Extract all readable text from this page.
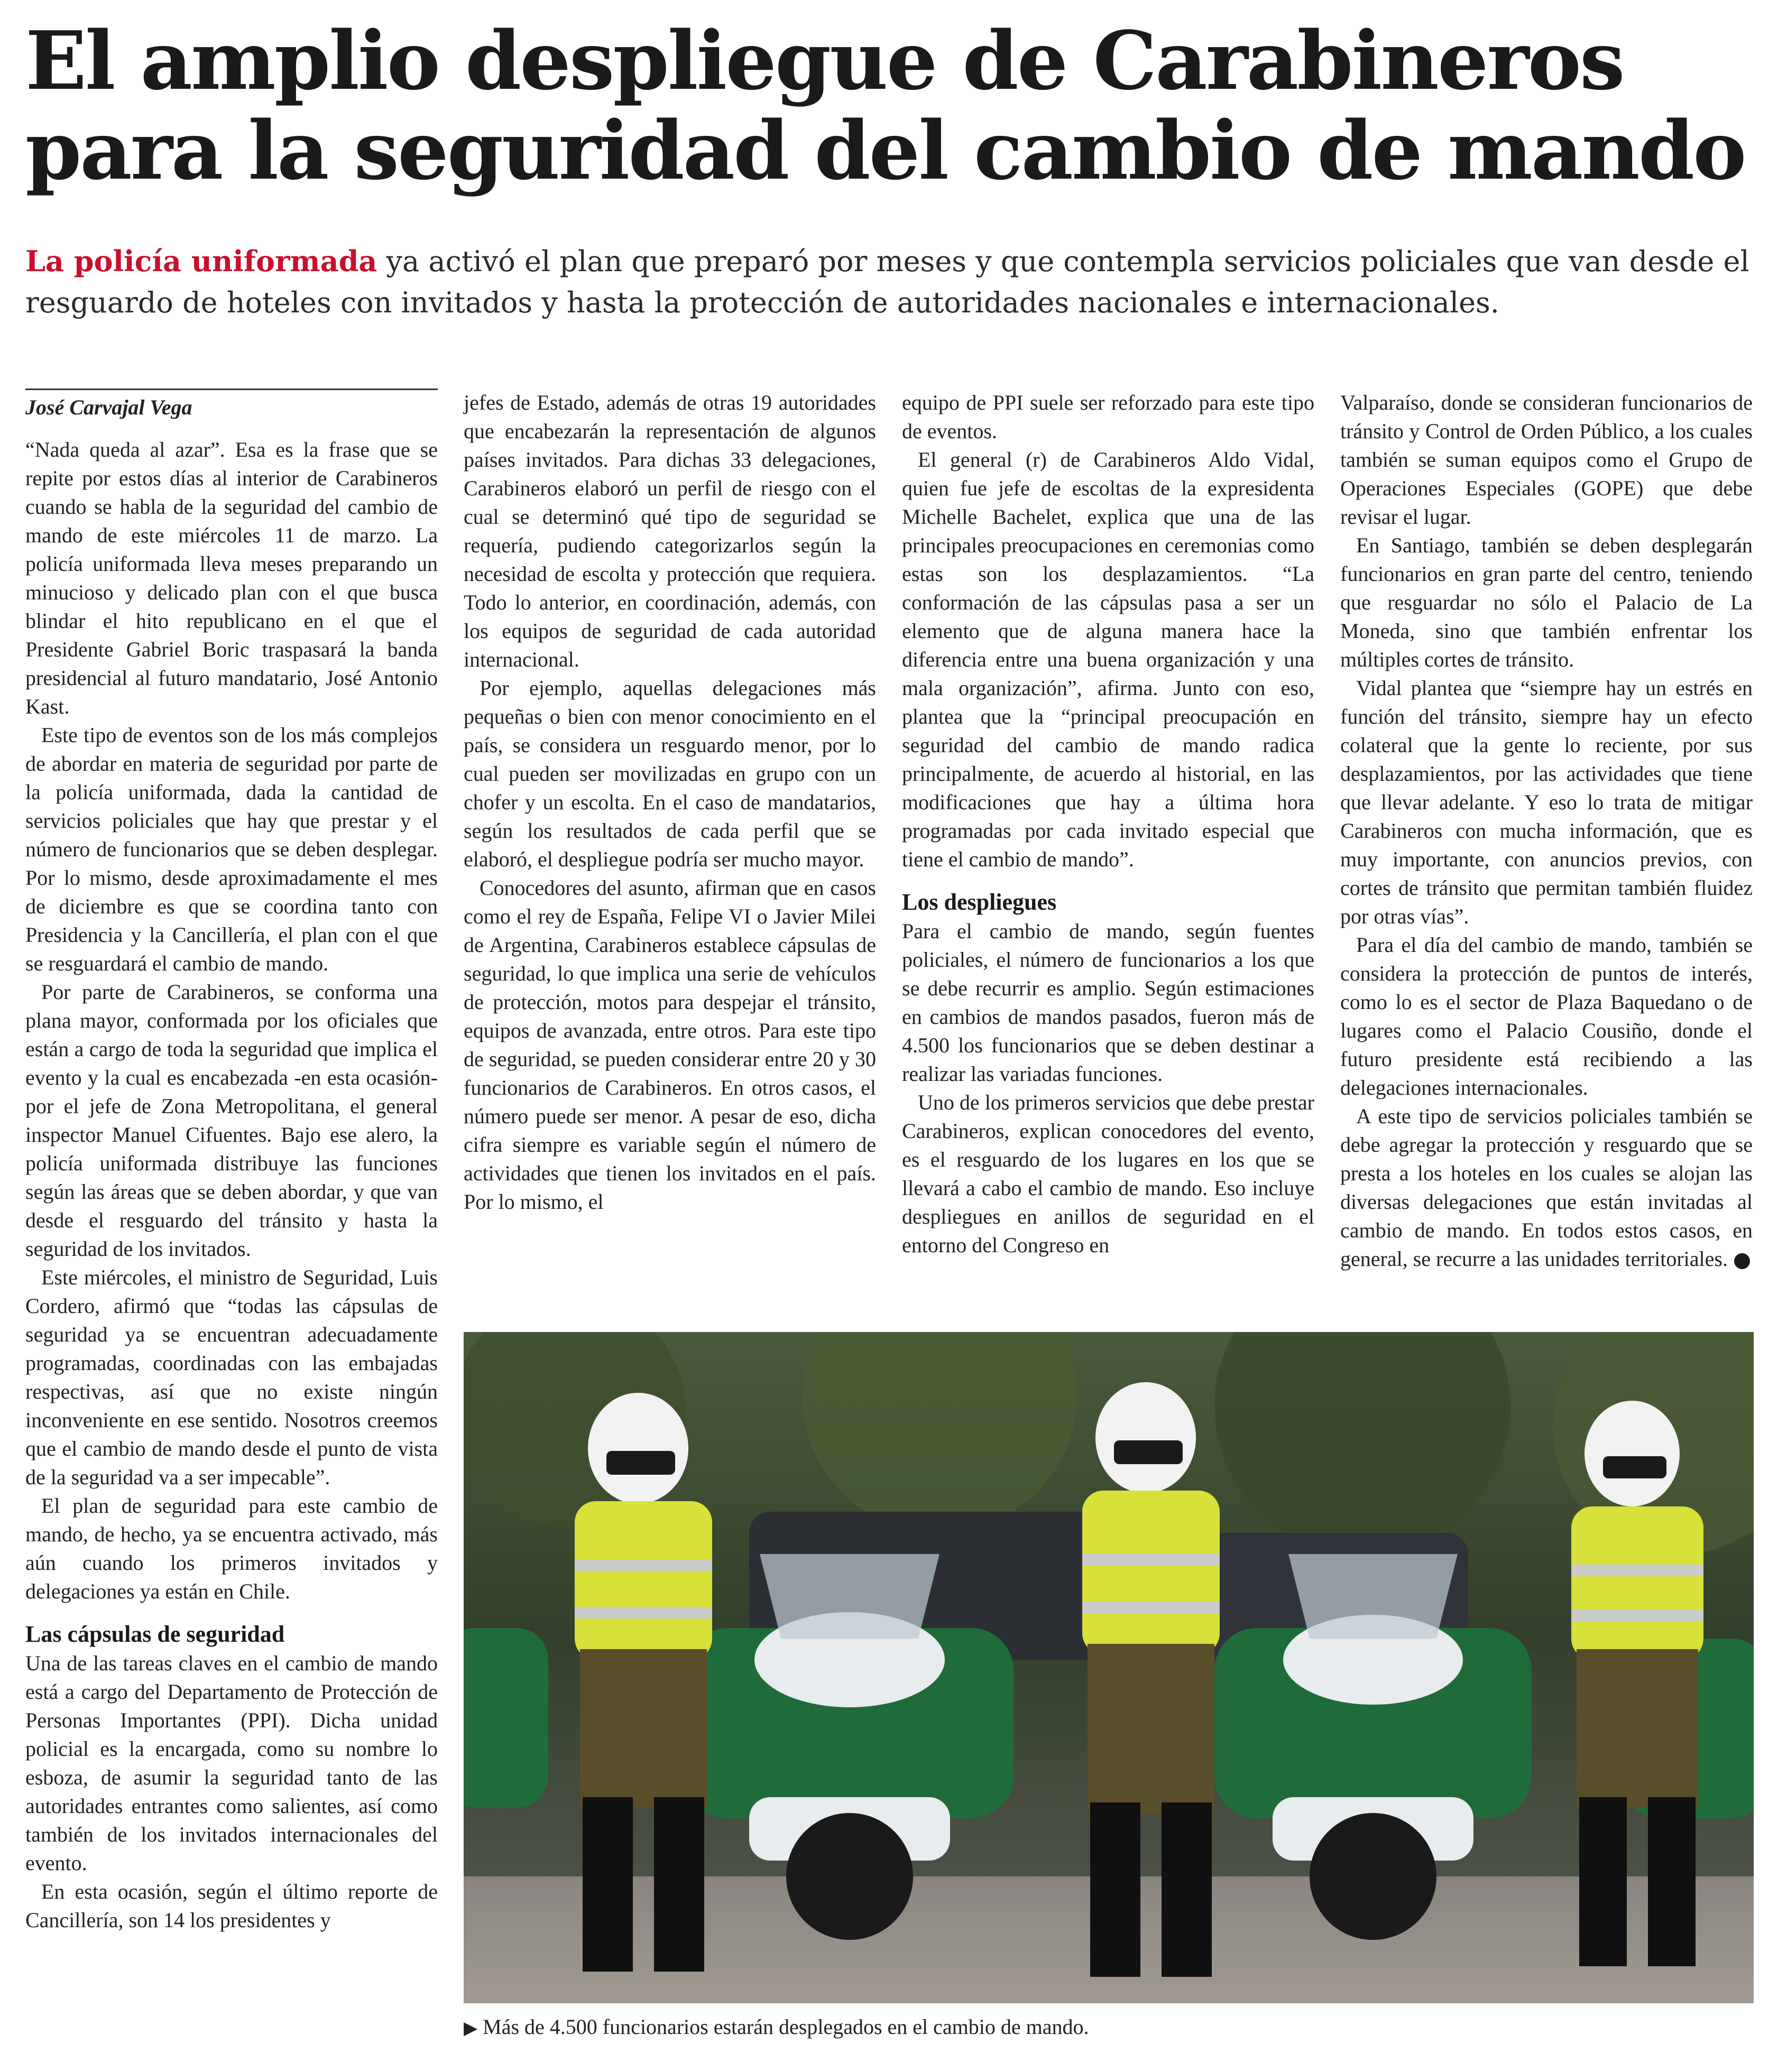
El amplio despliegue de Carabineros para la seguridad del cambio de mando
La policía uniformada ya activó el plan que preparó por meses y que contempla servicios policiales que van desde el resguardo de hoteles con invitados y hasta la protección de autoridades nacionales e internacionales.
José Carvajal Vega

“Nada queda al azar”. Esa es la frase que se repite por estos días al interior de Carabineros cuando se habla de la seguridad del cambio de mando de este miércoles 11 de marzo. La policía uniformada lleva meses preparando un minucioso y delicado plan con el que busca blindar el hito republicano en el que el Presidente Gabriel Boric traspasará la banda presidencial al futuro mandatario, José Antonio Kast.

Este tipo de eventos son de los más complejos de abordar en materia de seguridad por parte de la policía uniformada, dada la cantidad de servicios policiales que hay que prestar y el número de funcionarios que se deben desplegar. Por lo mismo, desde aproximadamente el mes de diciembre es que se coordina tanto con Presidencia y la Cancillería, el plan con el que se resguardará el cambio de mando.

Por parte de Carabineros, se conforma una plana mayor, conformada por los oficiales que están a cargo de toda la seguridad que implica el evento y la cual es encabezada -en esta ocasión- por el jefe de Zona Metropolitana, el general inspector Manuel Cifuentes. Bajo ese alero, la policía uniformada distribuye las funciones según las áreas que se deben abordar, y que van desde el resguardo del tránsito y hasta la seguridad de los invitados.

Este miércoles, el ministro de Seguridad, Luis Cordero, afirmó que “todas las cápsulas de seguridad ya se encuentran adecuadamente programadas, coordinadas con las embajadas respectivas, así que no existe ningún inconveniente en ese sentido. Nosotros creemos que el cambio de mando desde el punto de vista de la seguridad va a ser impecable”.

El plan de seguridad para este cambio de mando, de hecho, ya se encuentra activado, más aún cuando los primeros invitados y delegaciones ya están en Chile.

Las cápsulas de seguridad

Una de las tareas claves en el cambio de mando está a cargo del Departamento de Protección de Personas Importantes (PPI). Dicha unidad policial es la encargada, como su nombre lo esboza, de asumir la seguridad tanto de las autoridades entrantes como salientes, así como también de los invitados internacionales del evento.

En esta ocasión, según el último reporte de Cancillería, son 14 los presidentes y

jefes de Estado, además de otras 19 autoridades que encabezarán la representación de algunos países invitados. Para dichas 33 delegaciones, Carabineros elaboró un perfil de riesgo con el cual se determinó qué tipo de seguridad se requería, pudiendo categorizarlos según la necesidad de escolta y protección que requiera. Todo lo anterior, en coordinación, además, con los equipos de seguridad de cada autoridad internacional.

Por ejemplo, aquellas delegaciones más pequeñas o bien con menor conocimiento en el país, se considera un resguardo menor, por lo cual pueden ser movilizadas en grupo con un chofer y un escolta. En el caso de mandatarios, según los resultados de cada perfil que se elaboró, el despliegue podría ser mucho mayor.

Conocedores del asunto, afirman que en casos como el rey de España, Felipe VI o Javier Milei de Argentina, Carabineros establece cápsulas de seguridad, lo que implica una serie de vehículos de protección, motos para despejar el tránsito, equipos de avanzada, entre otros. Para este tipo de seguridad, se pueden considerar entre 20 y 30 funcionarios de Carabineros. En otros casos, el número puede ser menor. A pesar de eso, dicha cifra siempre es variable según el número de actividades que tienen los invitados en el país. Por lo mismo, el

equipo de PPI suele ser reforzado para este tipo de eventos.

El general (r) de Carabineros Aldo Vidal, quien fue jefe de escoltas de la expresidenta Michelle Bachelet, explica que una de las principales preocupaciones en ceremonias como estas son los desplazamientos. “La conformación de las cápsulas pasa a ser un elemento que de alguna manera hace la diferencia entre una buena organización y una mala organización”, afirma. Junto con eso, plantea que la “principal preocupación en seguridad del cambio de mando radica principalmente, de acuerdo al historial, en las modificaciones que hay a última hora programadas por cada invitado especial que tiene el cambio de mando”.

Los despliegues

Para el cambio de mando, según fuentes policiales, el número de funcionarios a los que se debe recurrir es amplio. Según estimaciones en cambios de mandos pasados, fueron más de 4.500 los funcionarios que se deben destinar a realizar las variadas funciones.

Uno de los primeros servicios que debe prestar Carabineros, explican conocedores del evento, es el resguardo de los lugares en los que se llevará a cabo el cambio de mando. Eso incluye despliegues en anillos de seguridad en el entorno del Congreso en

Valparaíso, donde se consideran funcionarios de tránsito y Control de Orden Público, a los cuales también se suman equipos como el Grupo de Operaciones Especiales (GOPE) que debe revisar el lugar.

En Santiago, también se deben desplegarán funcionarios en gran parte del centro, teniendo que resguardar no sólo el Palacio de La Moneda, sino que también enfrentar los múltiples cortes de tránsito.

Vidal plantea que “siempre hay un estrés en función del tránsito, siempre hay un efecto colateral que la gente lo reciente, por sus desplazamientos, por las actividades que tiene que llevar adelante. Y eso lo trata de mitigar Carabineros con mucha información, que es muy importante, con anuncios previos, con cortes de tránsito que permitan también fluidez por otras vías”.

Para el día del cambio de mando, también se considera la protección de puntos de interés, como lo es el sector de Plaza Baquedano o de lugares como el Palacio Cousiño, donde el futuro presidente está recibiendo a las delegaciones internacionales.

A este tipo de servicios policiales también se debe agregar la protección y resguardo que se presta a los hoteles en los cuales se alojan las diversas delegaciones que están invitadas al cambio de mando. En todos estos casos, en general, se recurre a las unidades territoriales.

▶ Más de 4.500 funcionarios estarán desplegados en el cambio de mando.
